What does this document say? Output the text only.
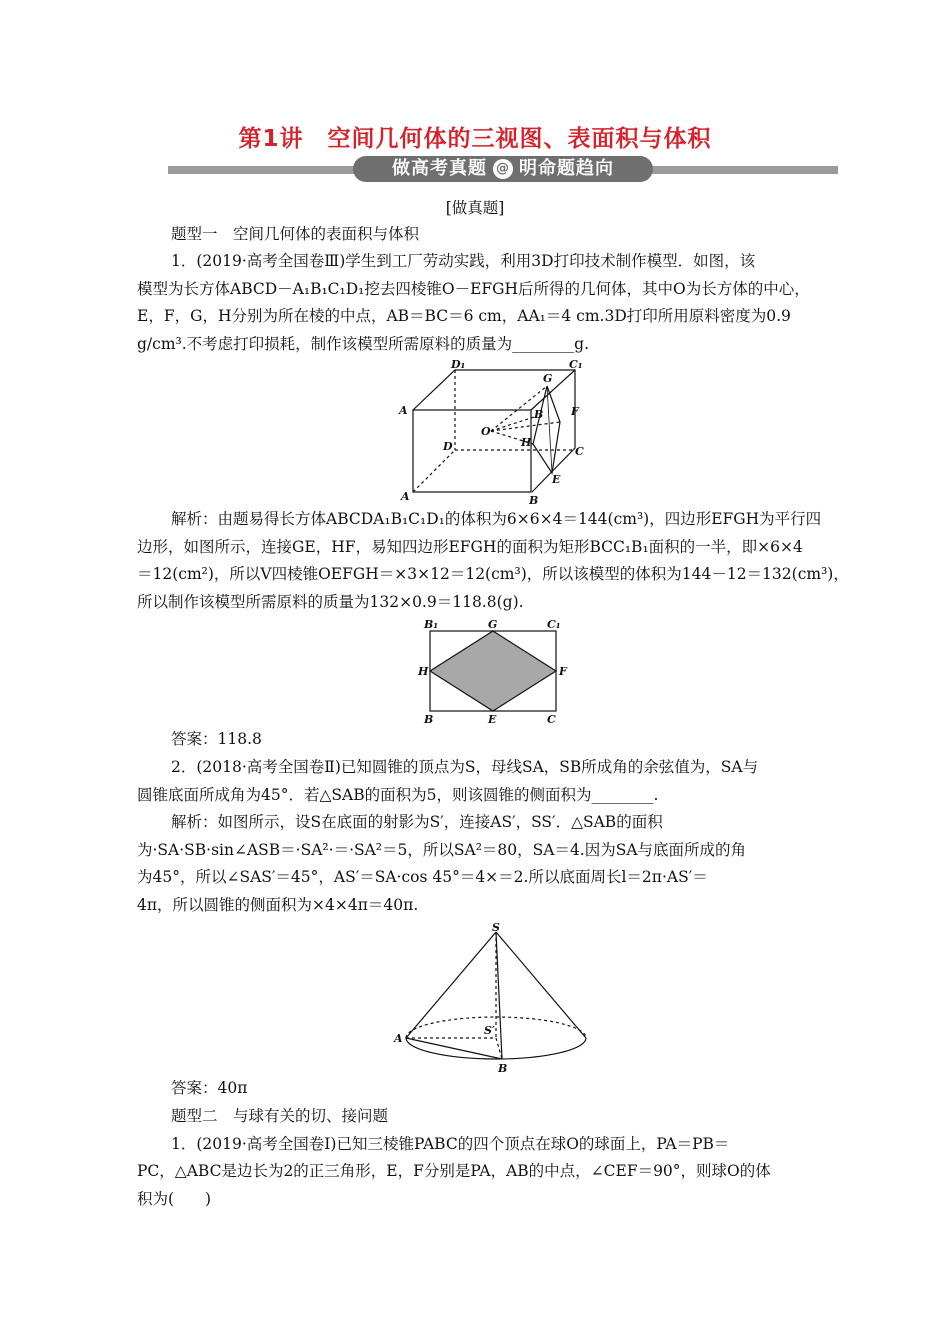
第1讲　空间几何体的三视图、表面积与体积
做高考真题 @ 明命题趋向
[做真题]
题型一　空间几何体的表面积与体积
1．(2019·高考全国卷Ⅲ)学生到工厂劳动实践，利用3D打印技术制作模型．如图，该
模型为长方体ABCD－A₁B₁C₁D₁挖去四棱锥O－EFGH后所得的几何体，其中O为长方体的中心，
E，F，G，H分别为所在棱的中点，AB＝BC＝6 cm，AA₁＝4 cm.3D打印所用原料密度为0.9
g/cm³.不考虑打印损耗，制作该模型所需原料的质量为________g.
D₁	C₁
G
A	B	F
O
D	H
C
E
A	B
解析：由题易得长方体ABCDA₁B₁C₁D₁的体积为6×6×4＝144(cm³)，四边形EFGH为平行四
边形，如图所示，连接GE，HF，易知四边形EFGH的面积为矩形BCC₁B₁面积的一半，即×6×4
＝12(cm²)，所以V四棱锥OEFGH＝×3×12＝12(cm³)，所以该模型的体积为144－12＝132(cm³)，
所以制作该模型所需原料的质量为132×0.9＝118.8(g).
B₁	G	C₁
H	F
B	E	C
答案：118.8
2．(2018·高考全国卷Ⅱ)已知圆锥的顶点为S，母线SA，SB所成角的余弦值为，SA与
圆锥底面所成角为45°．若△SAB的面积为5，则该圆锥的侧面积为________.
解析：如图所示，设S在底面的射影为S′，连接AS′，SS′．△SAB的面积
为·SA·SB·sin∠ASB＝·SA²·＝·SA²＝5，所以SA²＝80，SA＝4.因为SA与底面所成的角
为45°，所以∠SAS′＝45°，AS′＝SA·cos 45°＝4×＝2.所以底面周长l＝2π·AS′＝
4π，所以圆锥的侧面积为×4×4π＝40π.
S
S′
A
B
答案：40π
题型二　与球有关的切、接问题
1．(2019·高考全国卷Ⅰ)已知三棱锥PABC的四个顶点在球O的球面上，PA＝PB＝
PC，△ABC是边长为2的正三角形，E，F分别是PA，AB的中点，∠CEF＝90°，则球O的体
积为(　　)
